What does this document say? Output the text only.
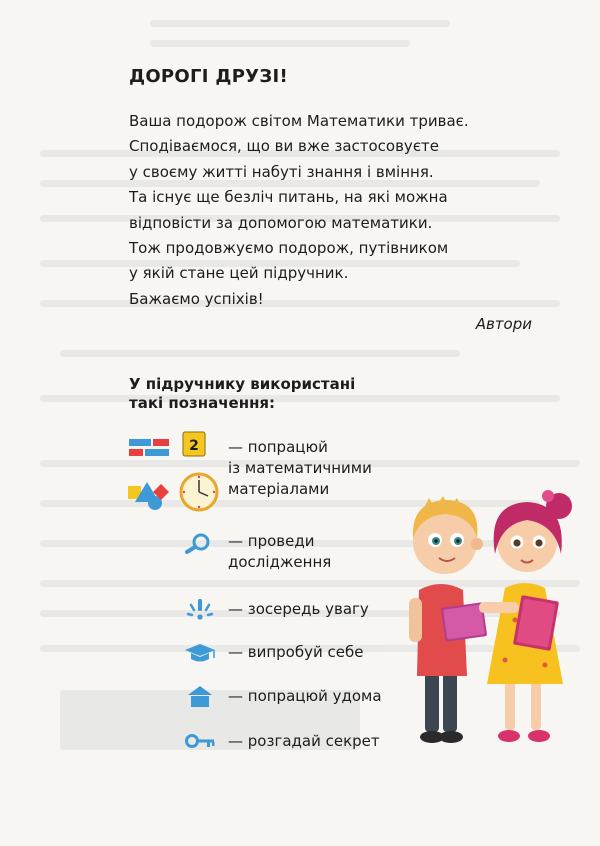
ДОРОГІ ДРУЗІ!
Ваша подорож світом Математики триває.
Сподіваємося, що ви вже застосовуєте
у своєму житті набуті знання і вміння.
Та існує ще безліч питань, на які можна
відповісти за допомогою математики.
Тож продовжуємо подорож, путівником
у якій стане цей підручник.
Бажаємо успіхів!
Автори
У підручнику використані
такі позначення:
2 — попрацюй
із математичними
матеріалами
— проведи
дослідження
— зосередь увагу
— випробуй себе
— попрацюй удома
— розгадай секрет
